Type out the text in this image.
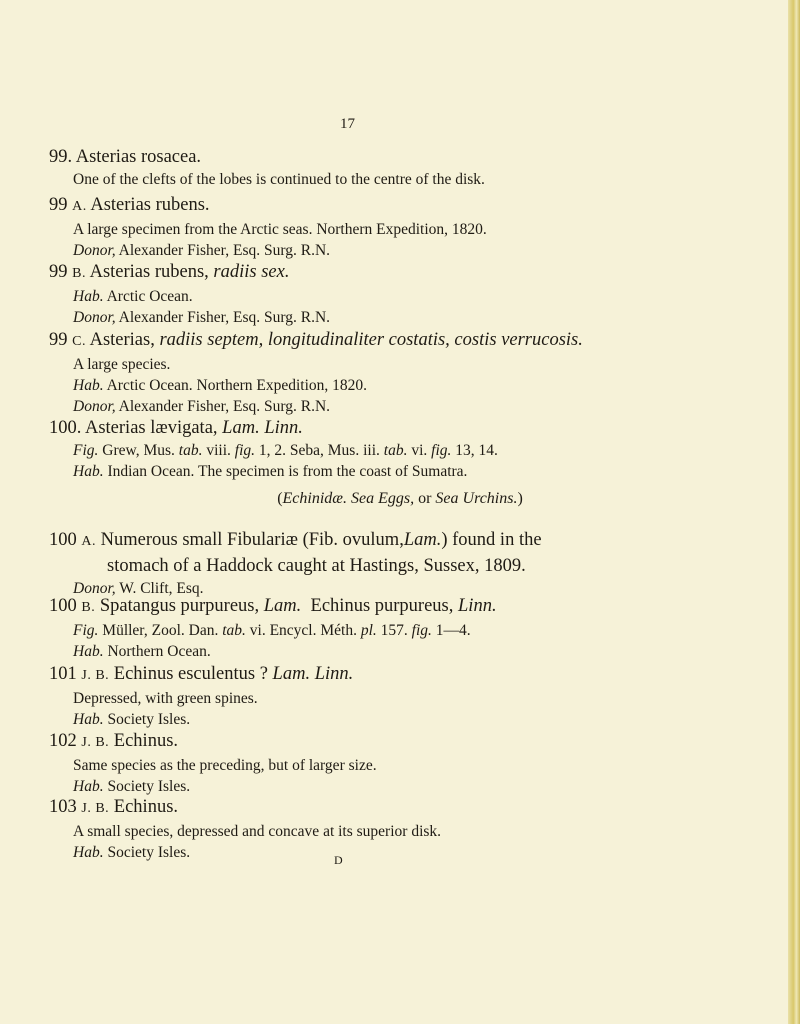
17
99. Asterias rosacea.
One of the clefts of the lobes is continued to the centre of the disk.
99 A. Asterias rubens.
A large specimen from the Arctic seas. Northern Expedition, 1820.
Donor, Alexander Fisher, Esq. Surg. R.N.
99 B. Asterias rubens, radiis sex.
Hab. Arctic Ocean.
Donor, Alexander Fisher, Esq. Surg. R.N.
99 C. Asterias, radiis septem, longitudinaliter costatis, costis verrucosis.
A large species.
Hab. Arctic Ocean. Northern Expedition, 1820.
Donor, Alexander Fisher, Esq. Surg. R.N.
100. Asterias lævigata, Lam. Linn.
Fig. Grew, Mus. tab. viii. fig. 1, 2. Seba, Mus. iii. tab. vi. fig. 13, 14.
Hab. Indian Ocean. The specimen is from the coast of Sumatra.
(Echinidæ. Sea Eggs, or Sea Urchins.)
100 A. Numerous small Fibulariæ (Fib. ovulum,Lam.) found in the
stomach of a Haddock caught at Hastings, Sussex, 1809.
Donor, W. Clift, Esq.
100 B. Spatangus purpureus, Lam. Echinus purpureus, Linn.
Fig. Müller, Zool. Dan. tab. vi. Encycl. Méth. pl. 157. fig. 1—4.
Hab. Northern Ocean.
101 J. B. Echinus esculentus ? Lam. Linn.
Depressed, with green spines.
Hab. Society Isles.
102 J. B. Echinus.
Same species as the preceding, but of larger size.
Hab. Society Isles.
103 J. B. Echinus.
A small species, depressed and concave at its superior disk.
Hab. Society Isles.	D
